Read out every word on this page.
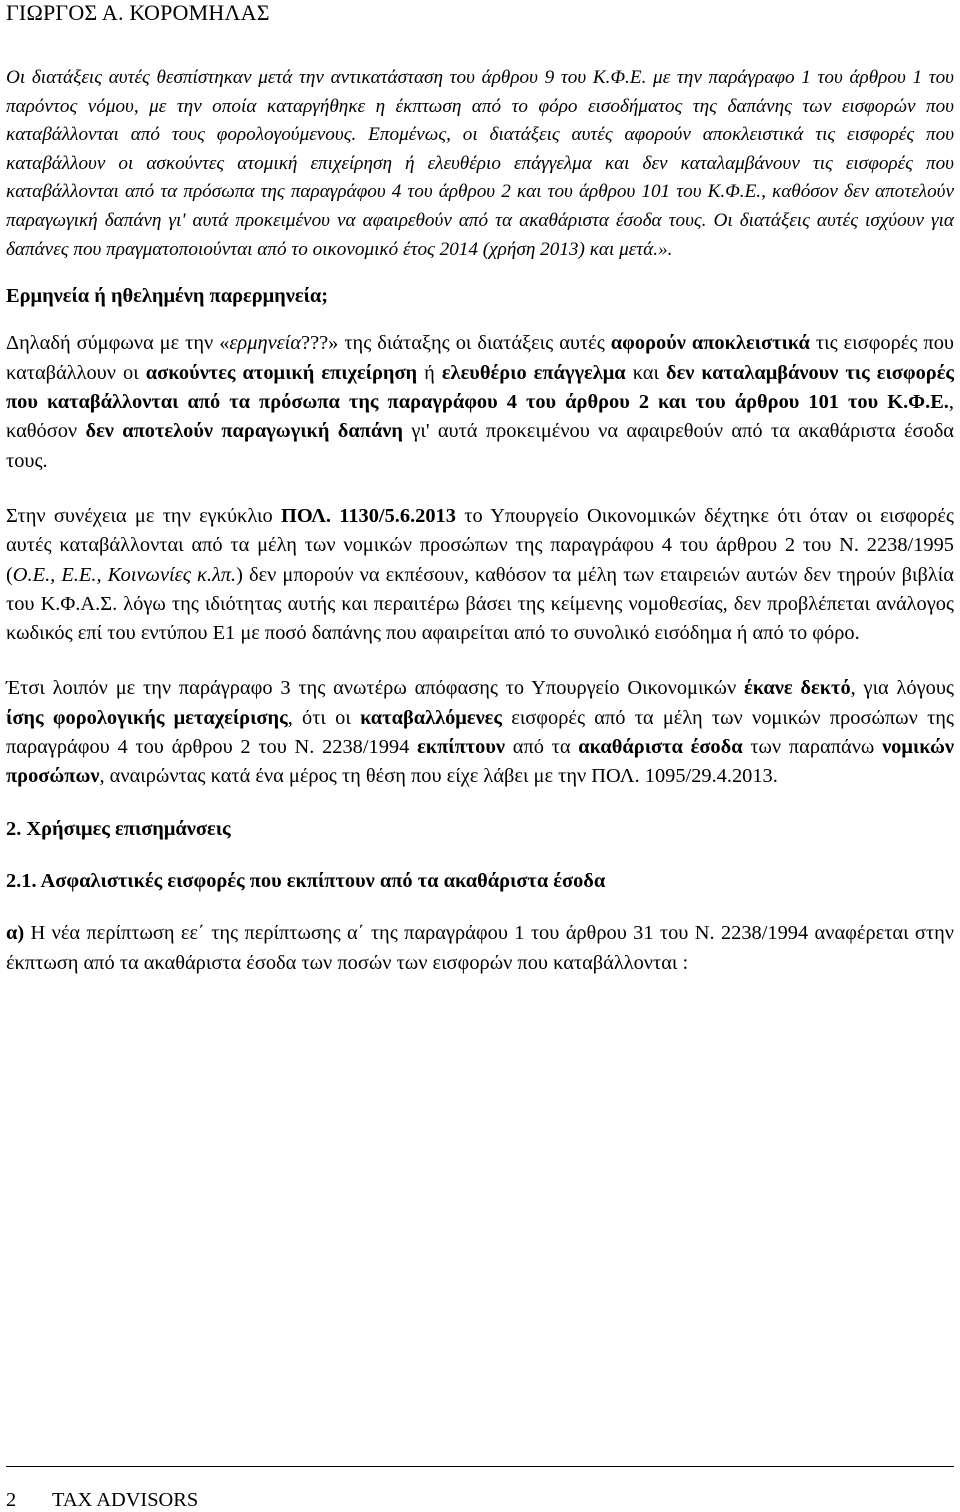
ΓΙΩΡΓΟΣ Α. ΚΟΡΟΜΗΛΑΣ

Οι διατάξεις αυτές θεσπίστηκαν μετά την αντικατάσταση του άρθρου 9 του Κ.Φ.Ε. με την παράγραφο 1 του άρθρου 1 του παρόντος νόμου, με την οποία καταργήθηκε η έκπτωση από το φόρο εισοδήματος της δαπάνης των εισφορών που καταβάλλονται από τους φορολογούμενους. Επομένως, οι διατάξεις αυτές αφορούν αποκλειστικά τις εισφορές που καταβάλλουν οι ασκούντες ατομική επιχείρηση ή ελευθέριο επάγγελμα και δεν καταλαμβάνουν τις εισφορές που καταβάλλονται από τα πρόσωπα της παραγράφου 4 του άρθρου 2 και του άρθρου 101 του Κ.Φ.Ε., καθόσον δεν αποτελούν παραγωγική δαπάνη γι' αυτά προκειμένου να αφαιρεθούν από τα ακαθάριστα έσοδα τους. Οι διατάξεις αυτές ισχύουν για δαπάνες που πραγματοποιούνται από το οικονομικό έτος 2014 (χρήση 2013) και μετά.».

Ερμηνεία ή ηθελημένη παρερμηνεία;

Δηλαδή σύμφωνα με την «ερμηνεία???» της διάταξης οι διατάξεις αυτές αφορούν αποκλειστικά τις εισφορές που καταβάλλουν οι ασκούντες ατομική επιχείρηση ή ελευθέριο επάγγελμα και δεν καταλαμβάνουν τις εισφορές που καταβάλλονται από τα πρόσωπα της παραγράφου 4 του άρθρου 2 και του άρθρου 101 του Κ.Φ.Ε., καθόσον δεν αποτελούν παραγωγική δαπάνη γι' αυτά προκειμένου να αφαιρεθούν από τα ακαθάριστα έσοδα τους.

Στην συνέχεια με την εγκύκλιο ΠΟΛ. 1130/5.6.2013 το Υπουργείο Οικονομικών δέχτηκε ότι όταν οι εισφορές αυτές καταβάλλονται από τα μέλη των νομικών προσώπων της παραγράφου 4 του άρθρου 2 του Ν. 2238/1995 (Ο.Ε., Ε.Ε., Κοινωνίες κ.λπ.) δεν μπορούν να εκπέσουν, καθόσον τα μέλη των εταιρειών αυτών δεν τηρούν βιβλία του Κ.Φ.Α.Σ. λόγω της ιδιότητας αυτής και περαιτέρω βάσει της κείμενης νομοθεσίας, δεν προβλέπεται ανάλογος κωδικός επί του εντύπου Ε1 με ποσό δαπάνης που αφαιρείται από το συνολικό εισόδημα ή από το φόρο.

Έτσι λοιπόν με την παράγραφο 3 της ανωτέρω απόφασης το Υπουργείο Οικονομικών έκανε δεκτό, για λόγους ίσης φορολογικής μεταχείρισης, ότι οι καταβαλλόμενες εισφορές από τα μέλη των νομικών προσώπων της παραγράφου 4 του άρθρου 2 του Ν. 2238/1994 εκπίπτουν από τα ακαθάριστα έσοδα των παραπάνω νομικών προσώπων, αναιρώντας κατά ένα μέρος τη θέση που είχε λάβει με την ΠΟΛ. 1095/29.4.2013.

2. Χρήσιμες επισημάνσεις

2.1. Ασφαλιστικές εισφορές που εκπίπτουν από τα ακαθάριστα έσοδα

α) Η νέα περίπτωση εε΄ της περίπτωσης α΄ της παραγράφου 1 του άρθρου 31 του Ν. 2238/1994 αναφέρεται στην έκπτωση από τα ακαθάριστα έσοδα των ποσών των εισφορών που καταβάλλονται :

2 TAX ADVISORS
